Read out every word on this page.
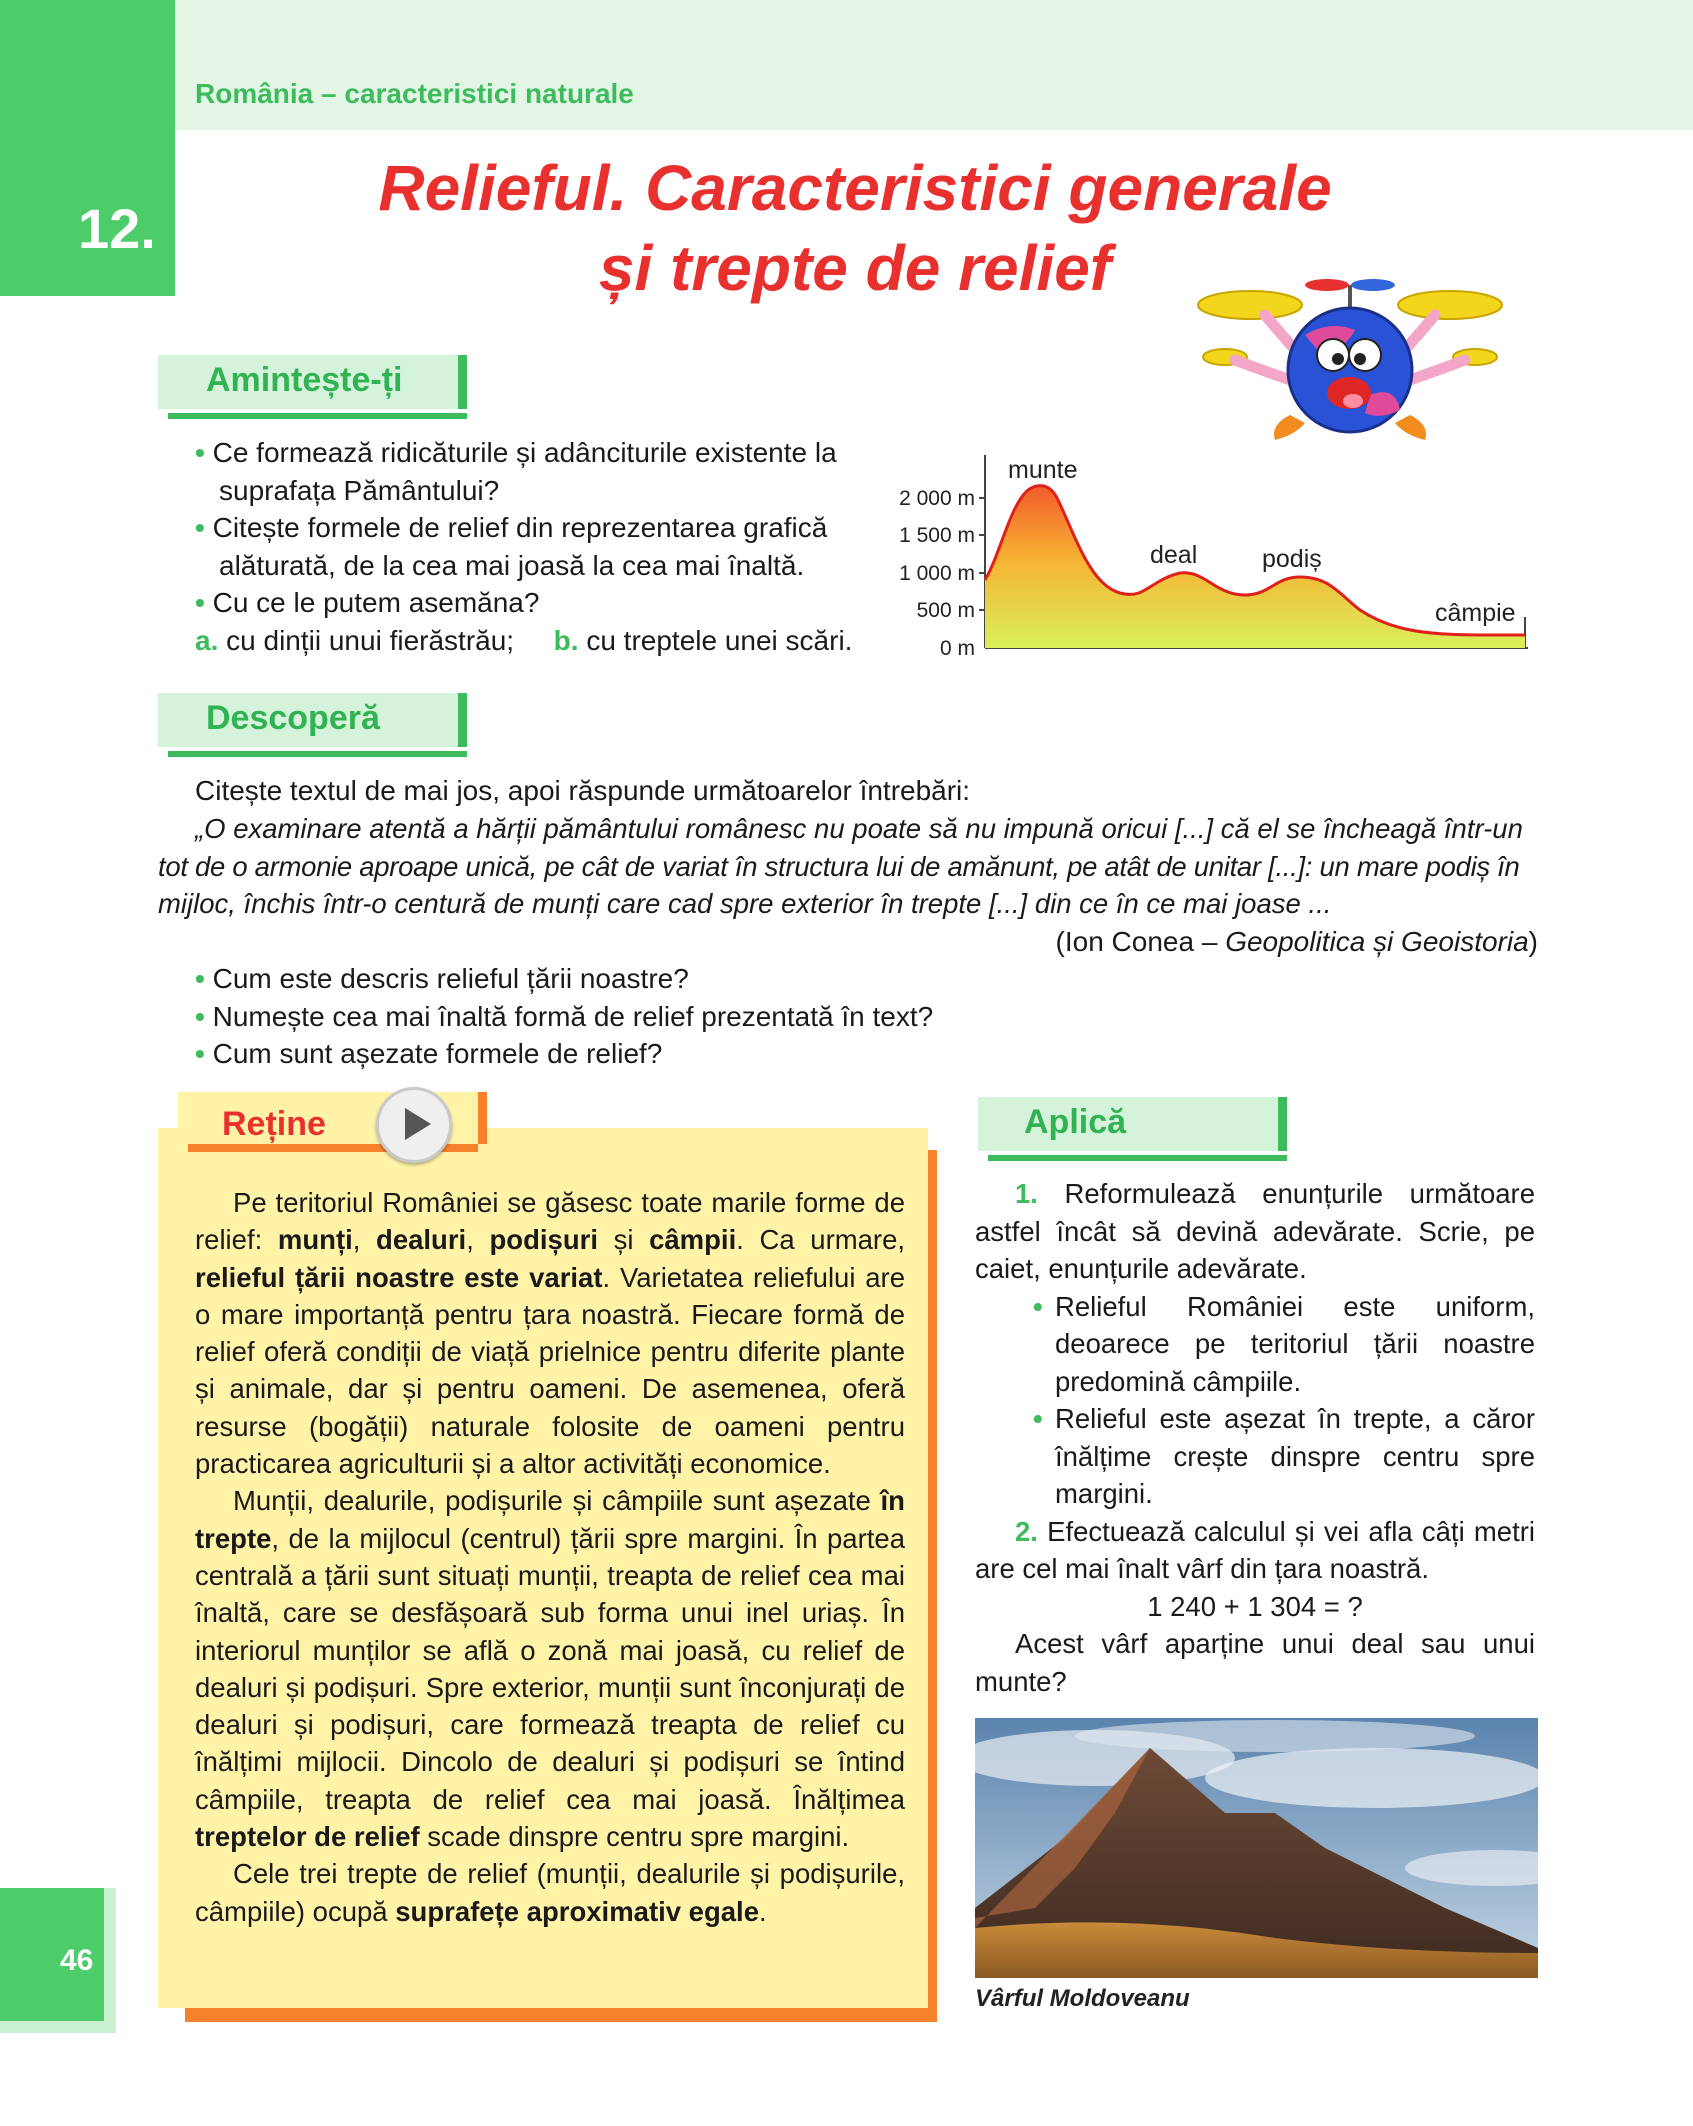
12.
România – caracteristici naturale
Relieful. Caracteristici generale
și trepte de relief
Amintește-ți
• Ce formează ridicăturile și adânciturile existente la
suprafața Pământului?
• Citește formele de relief din reprezentarea grafică
alăturată, de la cea mai joasă la cea mai înaltă.
• Cu ce le putem asemăna?
a. cu dinții unui fierăstrău; b. cu treptele unei scări.
2 000 m
1 500 m
1 000 m
500 m
0 m
munte
deal	podiș
câmpie
Descoperă
Citește textul de mai jos, apoi răspunde următoarelor întrebări:
„O examinare atentă a hărții pământului românesc nu poate să nu impună oricui [...] că el se încheagă într-un
tot de o armonie aproape unică, pe cât de variat în structura lui de amănunt, pe atât de unitar [...]: un mare podiș în
mijloc, închis într-o centură de munți care cad spre exterior în trepte [...] din ce în ce mai joase ...
(Ion Conea – Geopolitica și Geoistoria)
• Cum este descris relieful țării noastre?
• Numește cea mai înaltă formă de relief prezentată în text?
• Cum sunt așezate formele de relief?
Reține

Pe teritoriul României se găsesc toate marile forme de relief: munți, dealuri, podișuri și câmpii. Ca urmare, relieful țării noastre este variat. Varietatea reliefului are o mare importanță pentru țara noastră. Fiecare formă de relief oferă condiții de viață prielnice pentru diferite plante și animale, dar și pentru oameni. De asemenea, oferă resurse (bogății) naturale folosite de oameni pentru practicarea agriculturii și a altor activități economice.

Munții, dealurile, podișurile și câmpiile sunt așezate în trepte, de la mijlocul (centrul) țării spre margini. În partea centrală a țării sunt situați munții, treapta de relief cea mai înaltă, care se desfășoară sub forma unui inel uriaș. În interiorul munților se află o zonă mai joasă, cu relief de dealuri și podișuri. Spre exterior, munții sunt înconjurați de dealuri și podișuri, care formează treapta de relief cu înălțimi mijlocii. Dincolo de dealuri și podișuri se întind câmpiile, treapta de relief cea mai joasă. Înălțimea treptelor de relief scade dinspre centru spre margini.

Cele trei trepte de relief (munții, dealurile și podișurile, câmpiile) ocupă suprafețe aproximativ egale.

Aplică

1. Reformulează enunțurile următoare astfel încât să devină adevărate. Scrie, pe caiet, enunțurile adevărate.

• Relieful României este uniform, deoarece pe teritoriul țării noastre predomină câmpiile.
• Relieful este așezat în trepte, a căror înălțime crește dinspre centru spre margini.

2. Efectuează calculul și vei afla câți metri are cel mai înalt vârf din țara noastră.

1 240 + 1 304 = ?

Acest vârf aparține unui deal sau unui munte?

Vârful Moldoveanu
46
